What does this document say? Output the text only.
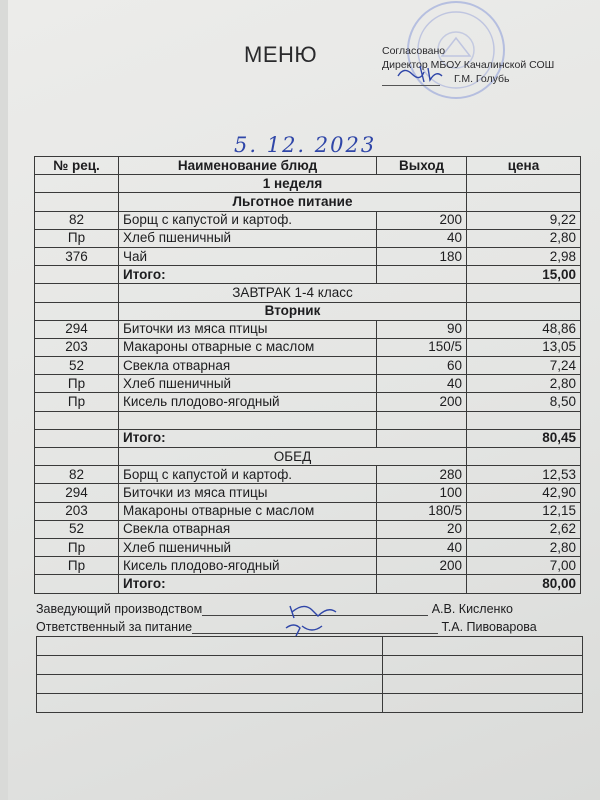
МЕНЮ	Согласовано
Директор МБОУ Качалинской СОШ
Г.М. Голубь
5. 12. 2023
№ рец.	Наименование блюд	Выход	цена
	1 неделя		
	Льготное питание		
82	Борщ с капустой и картоф.	200	9,22
Пр	Хлеб пшеничный	40	2,80
376	Чай	180	2,98
	Итого:		15,00
	ЗАВТРАК 1-4 класс		
	Вторник		
294	Биточки из мяса птицы	90	48,86
203	Макароны отварные с маслом	150/5	13,05
52	Свекла отварная	60	7,24
Пр	Хлеб пшеничный	40	2,80
Пр	Кисель плодово-ягодный	200	8,50

	Итого:		80,45
	ОБЕД		
82	Борщ с капустой и картоф.	280	12,53
294	Биточки из мяса птицы	100	42,90
203	Макароны отварные с маслом	180/5	12,15
52	Свекла отварная	20	2,62
Пр	Хлеб пшеничный	40	2,80
Пр	Кисель плодово-ягодный	200	7,00
	Итого:		80,00
Заведующий производством	А.В. Кисленко
Ответственный за питание	Т.А. Пивоварова
